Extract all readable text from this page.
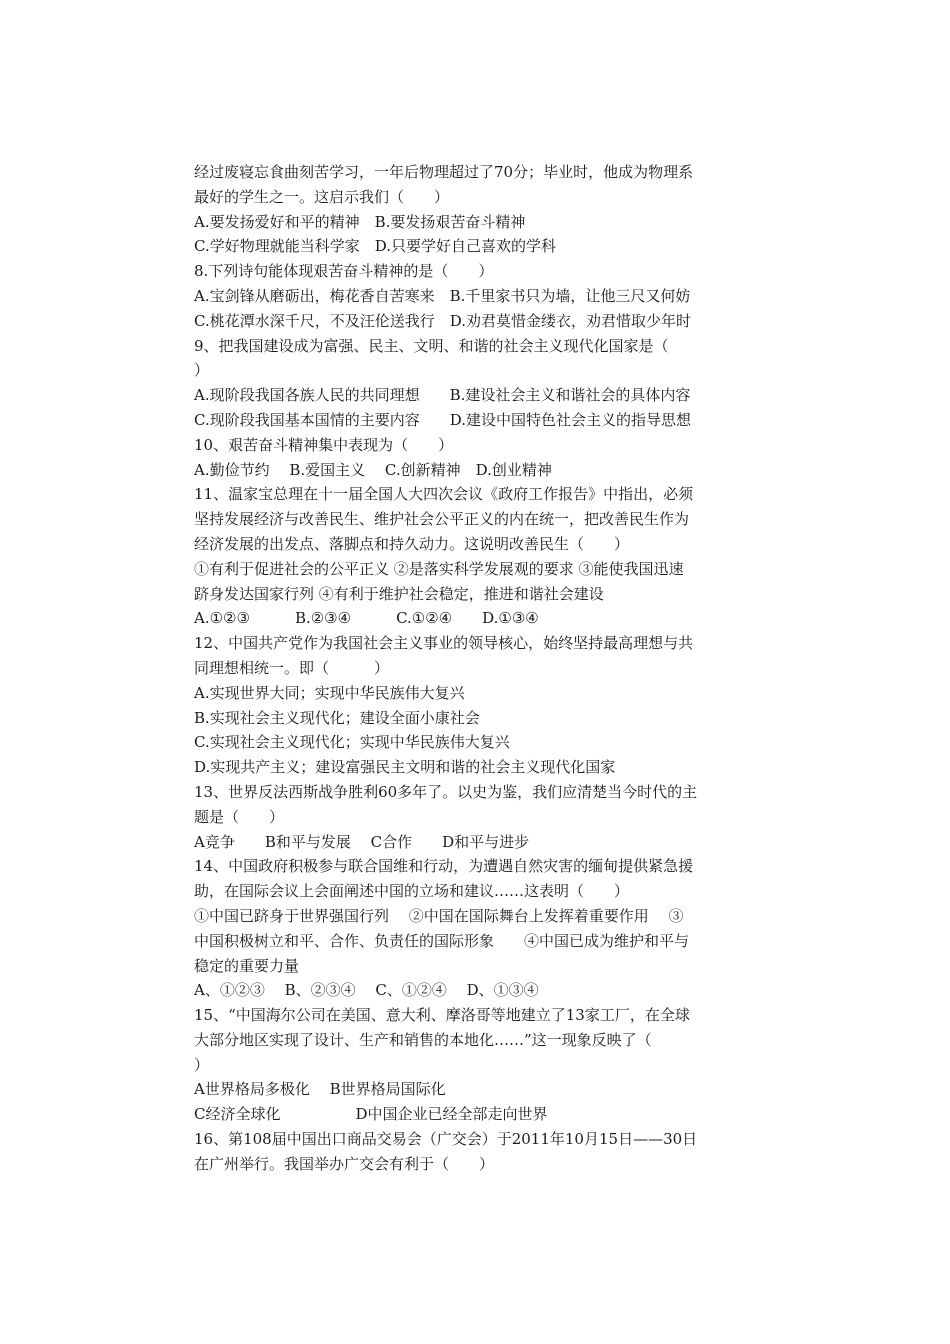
经过废寝忘食曲刻苦学习，一年后物理超过了70分；毕业时，他成为物理系
最好的学生之一。这启示我们（　　）
A.要发扬爱好和平的精神　B.要发扬艰苦奋斗精神
C.学好物理就能当科学家　D.只要学好自己喜欢的学科
8.下列诗句能体现艰苦奋斗精神的是（　　）
A.宝剑锋从磨砺出，梅花香自苦寒来　B.千里家书只为墙，让他三尺又何妨
C.桃花潭水深千尺，不及汪伦送我行　D.劝君莫惜金缕衣，劝君惜取少年时
9、把我国建设成为富强、民主、文明、和谐的社会主义现代化国家是（
）
A.现阶段我国各族人民的共同理想　　B.建设社会主义和谐社会的具体内容
C.现阶段我国基本国情的主要内容　　D.建设中国特色社会主义的指导思想
10、艰苦奋斗精神集中表现为（　　）
A.勤俭节约　 B.爱国主义　 C.创新精神　D.创业精神
11、温家宝总理在十一届全国人大四次会议《政府工作报告》中指出，必须
坚持发展经济与改善民生、维护社会公平正义的内在统一，把改善民生作为
经济发展的出发点、落脚点和持久动力。这说明改善民生（　　）
①有利于促进社会的公平正义 ②是落实科学发展观的要求 ③能使我国迅速
跻身发达国家行列 ④有利于维护社会稳定，推进和谐社会建设
A.①②③　　　B.②③④　　　C.①②④　　D.①③④
12、中国共产党作为我国社会主义事业的领导核心，始终坚持最高理想与共
同理想相统一。即（　　　）
A.实现世界大同；实现中华民族伟大复兴
B.实现社会主义现代化；建设全面小康社会
C.实现社会主义现代化；实现中华民族伟大复兴
D.实现共产主义；建设富强民主文明和谐的社会主义现代化国家
13、世界反法西斯战争胜利60多年了。以史为鉴，我们应清楚当今时代的主
题是（　　）
A竞争　　B和平与发展　 C合作　　D和平与进步
14、中国政府积极参与联合国维和行动，为遭遇自然灾害的缅甸提供紧急援
助，在国际会议上会面阐述中国的立场和建议……这表明（　　）
①中国已跻身于世界强国行列　 ②中国在国际舞台上发挥着重要作用　 ③
中国积极树立和平、合作、负责任的国际形象　　④中国已成为维护和平与
稳定的重要力量
A、①②③　 B、②③④　 C、①②④　 D、①③④
15、“中国海尔公司在美国、意大利、摩洛哥等地建立了13家工厂，在全球
大部分地区实现了设计、生产和销售的本地化……”这一现象反映了（
）
A世界格局多极化　 B世界格局国际化
C经济全球化　　　　　D中国企业已经全部走向世界
16、第108届中国出口商品交易会（广交会）于2011年10月15日——30日
在广州举行。我国举办广交会有利于（　　）
